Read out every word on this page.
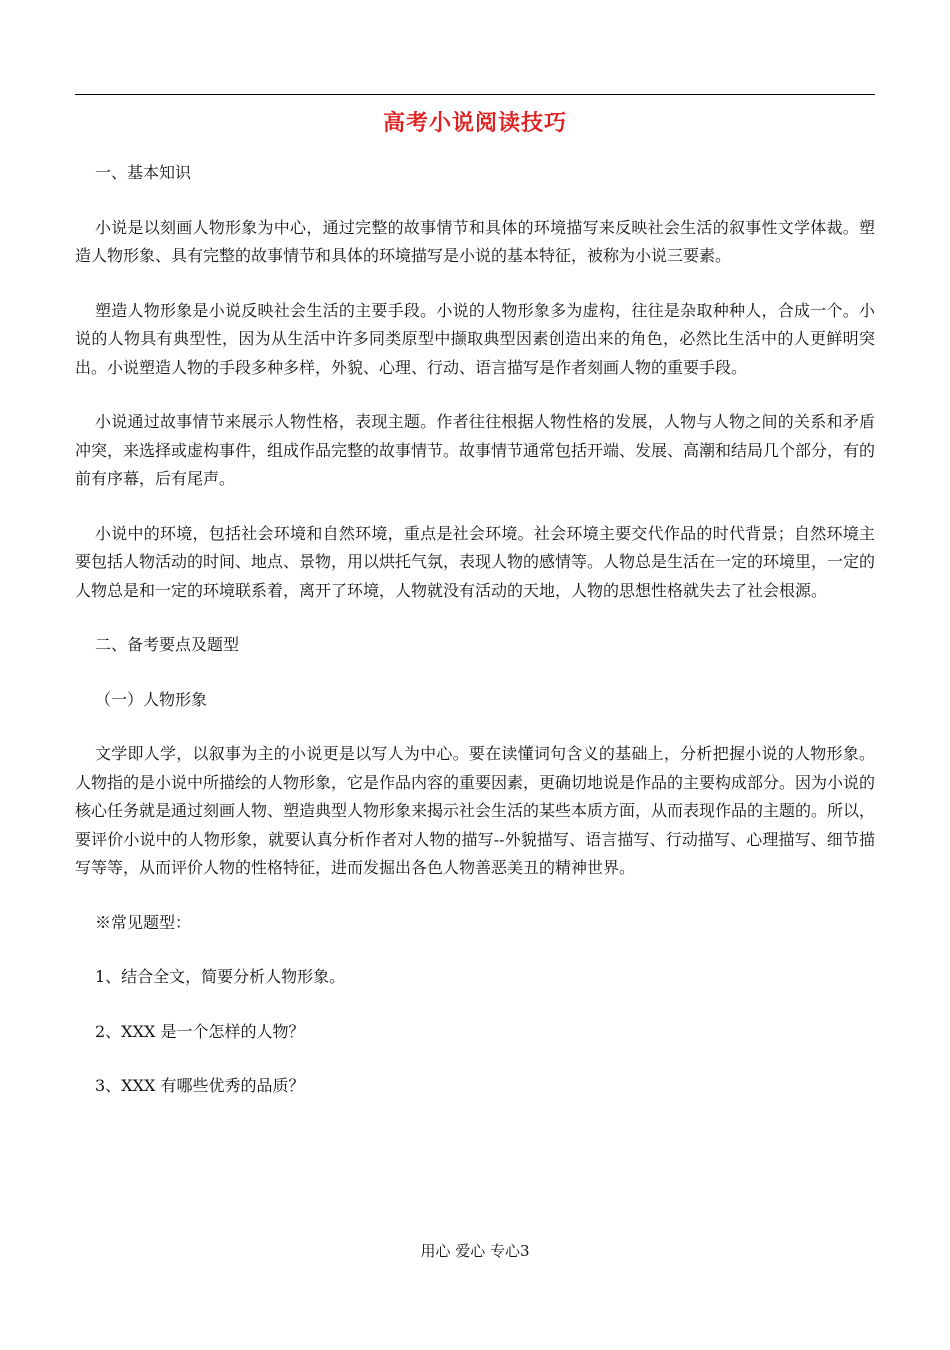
高考小说阅读技巧

一、基本知识

小说是以刻画人物形象为中心，通过完整的故事情节和具体的环境描写来反映社会生活的叙事性文学体裁。塑造人物形象、具有完整的故事情节和具体的环境描写是小说的基本特征，被称为小说三要素。

塑造人物形象是小说反映社会生活的主要手段。小说的人物形象多为虚构，往往是杂取种种人，合成一个。小说的人物具有典型性，因为从生活中许多同类原型中撷取典型因素创造出来的角色，必然比生活中的人更鲜明突出。小说塑造人物的手段多种多样，外貌、心理、行动、语言描写是作者刻画人物的重要手段。

小说通过故事情节来展示人物性格，表现主题。作者往往根据人物性格的发展，人物与人物之间的关系和矛盾冲突，来选择或虚构事件，组成作品完整的故事情节。故事情节通常包括开端、发展、高潮和结局几个部分，有的前有序幕，后有尾声。

小说中的环境，包括社会环境和自然环境，重点是社会环境。社会环境主要交代作品的时代背景；自然环境主要包括人物活动的时间、地点、景物，用以烘托气氛，表现人物的感情等。人物总是生活在一定的环境里，一定的人物总是和一定的环境联系着，离开了环境，人物就没有活动的天地，人物的思想性格就失去了社会根源。

二、备考要点及题型

（一）人物形象

文学即人学，以叙事为主的小说更是以写人为中心。要在读懂词句含义的基础上，分析把握小说的人物形象。人物指的是小说中所描绘的人物形象，它是作品内容的重要因素，更确切地说是作品的主要构成部分。因为小说的核心任务就是通过刻画人物、塑造典型人物形象来揭示社会生活的某些本质方面，从而表现作品的主题的。所以，要评价小说中的人物形象，就要认真分析作者对人物的描写--外貌描写、语言描写、行动描写、心理描写、细节描写等等，从而评价人物的性格特征，进而发掘出各色人物善恶美丑的精神世界。

※常见题型：

1、结合全文，简要分析人物形象。

2、XXX 是一个怎样的人物？

3、XXX 有哪些优秀的品质？

用心 爱心 专心3
